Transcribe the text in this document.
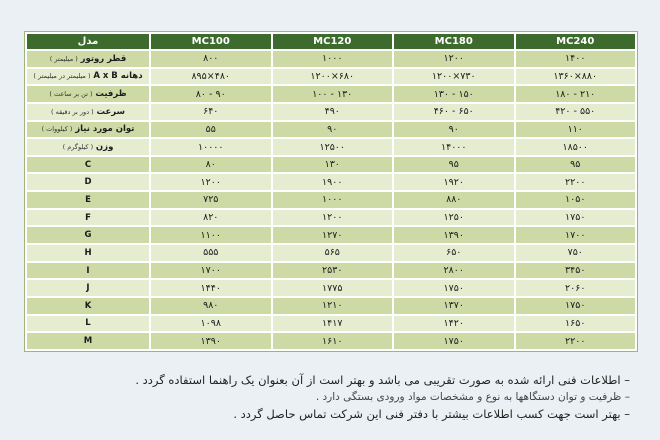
مدل	MC100	MC120	MC180	MC240
قطر روتور ( میلیمتر )	۸۰۰	۱۰۰۰	۱۲۰۰	۱۴۰۰
دهانه A x B ( میلیمتر در میلیمتر )	۸۹۵×۴۸۰	۱۲۰۰×۶۸۰	۱۲۰۰×۷۳۰	۱۳۶۰×۸۸۰
ظرفیت ( تن بر ساعت )	۸۰ - ۹۰	۱۰۰ - ۱۳۰	۱۳۰ - ۱۵۰	۱۸۰ - ۲۱۰
سرعت ( دور بر دقیقه )	۶۴۰	۴۹۰	۴۶۰ - ۶۵۰	۴۲۰ - ۵۵۰
توان مورد نیاز ( کیلووات )	۵۵	۹۰	۹۰	۱۱۰
وزن ( کیلوگرم )	۱۰۰۰۰	۱۲۵۰۰	۱۴۰۰۰	۱۸۵۰۰
C	۸۰	۱۳۰	۹۵	۹۵
D	۱۲۰۰	۱۹۰۰	۱۹۲۰	۲۲۰۰
E	۷۲۵	۱۰۰۰	۸۸۰	۱۰۵۰
F	۸۲۰	۱۲۰۰	۱۲۵۰	۱۷۵۰
G	۱۱۰۰	۱۲۷۰	۱۳۹۰	۱۷۰۰
H	۵۵۵	۵۶۵	۶۵۰	۷۵۰
I	۱۷۰۰	۲۵۳۰	۲۸۰۰	۳۴۵۰
J	۱۴۴۰	۱۷۷۵	۱۷۵۰	۲۰۶۰
K	۹۸۰	۱۲۱۰	۱۳۷۰	۱۷۵۰
L	۱۰۹۸	۱۴۱۷	۱۴۲۰	۱۶۵۰
M	۱۳۹۰	۱۶۱۰	۱۷۵۰	۲۲۰۰
– اطلاعات فنی ارائه شده به صورت تقریبی می باشد و بهتر است از آن بعنوان یک راهنما استفاده گردد .
– ظرفیت و توان دستگاهها به نوع و مشخصات مواد ورودی بستگی دارد .
– بهتر است جهت کسب اطلاعات بیشتر با دفتر فنی این شرکت تماس حاصل گردد .
